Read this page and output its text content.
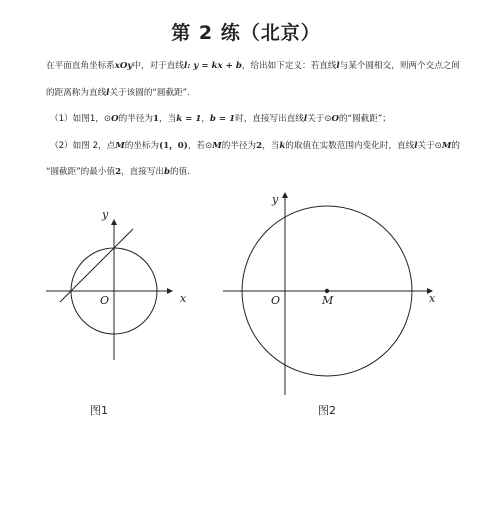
第 2 练（北京）
在平面直角坐标系xOy中，对于直线l: y = kx + b，给出如下定义：若直线l与某个圆相交，则两个交点之间
的距离称为直线l关于该圆的“圆截距”.
（1）如图1，⊙O的半径为1，当k = 1，b = 1时，直接写出直线l关于⊙O的“圆截距”；
（2）如图 2，点M的坐标为(1，0)，若⊙M的半径为2，当k的取值在实数范围内变化时，直线l关于⊙M的
“圆截距”的最小值2，直接写出b的值.
x
y
O	x
y
O	M
图1	图2
